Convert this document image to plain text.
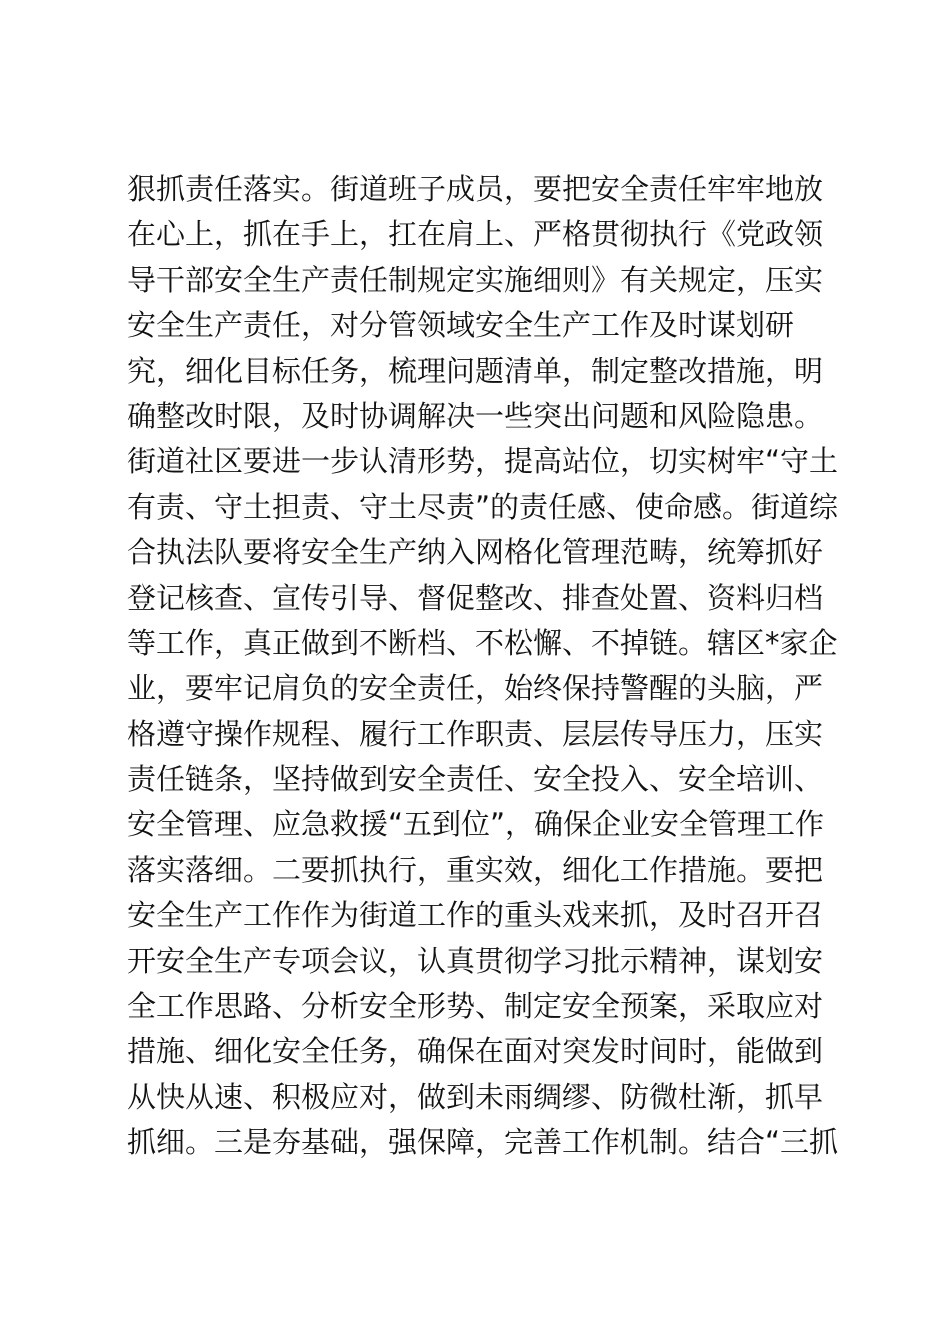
狠抓责任落实。街道班子成员，要把安全责任牢牢地放
在心上，抓在手上，扛在肩上、严格贯彻执行《党政领
导干部安全生产责任制规定实施细则》有关规定，压实
安全生产责任，对分管领域安全生产工作及时谋划研
究，细化目标任务，梳理问题清单，制定整改措施，明
确整改时限，及时协调解决一些突出问题和风险隐患。
街道社区要进一步认清形势，提高站位，切实树牢“守土
有责、守土担责、守土尽责”的责任感、使命感。街道综
合执法队要将安全生产纳入网格化管理范畴，统筹抓好
登记核查、宣传引导、督促整改、排查处置、资料归档
等工作，真正做到不断档、不松懈、不掉链。辖区*家企
业，要牢记肩负的安全责任，始终保持警醒的头脑，严
格遵守操作规程、履行工作职责、层层传导压力，压实
责任链条，坚持做到安全责任、安全投入、安全培训、
安全管理、应急救援“五到位”，确保企业安全管理工作
落实落细。二要抓执行，重实效，细化工作措施。要把
安全生产工作作为街道工作的重头戏来抓，及时召开召
开安全生产专项会议，认真贯彻学习批示精神，谋划安
全工作思路、分析安全形势、制定安全预案，采取应对
措施、细化安全任务，确保在面对突发时间时，能做到
从快从速、积极应对，做到未雨绸缪、防微杜渐，抓早
抓细。三是夯基础，强保障，完善工作机制。结合“三抓
